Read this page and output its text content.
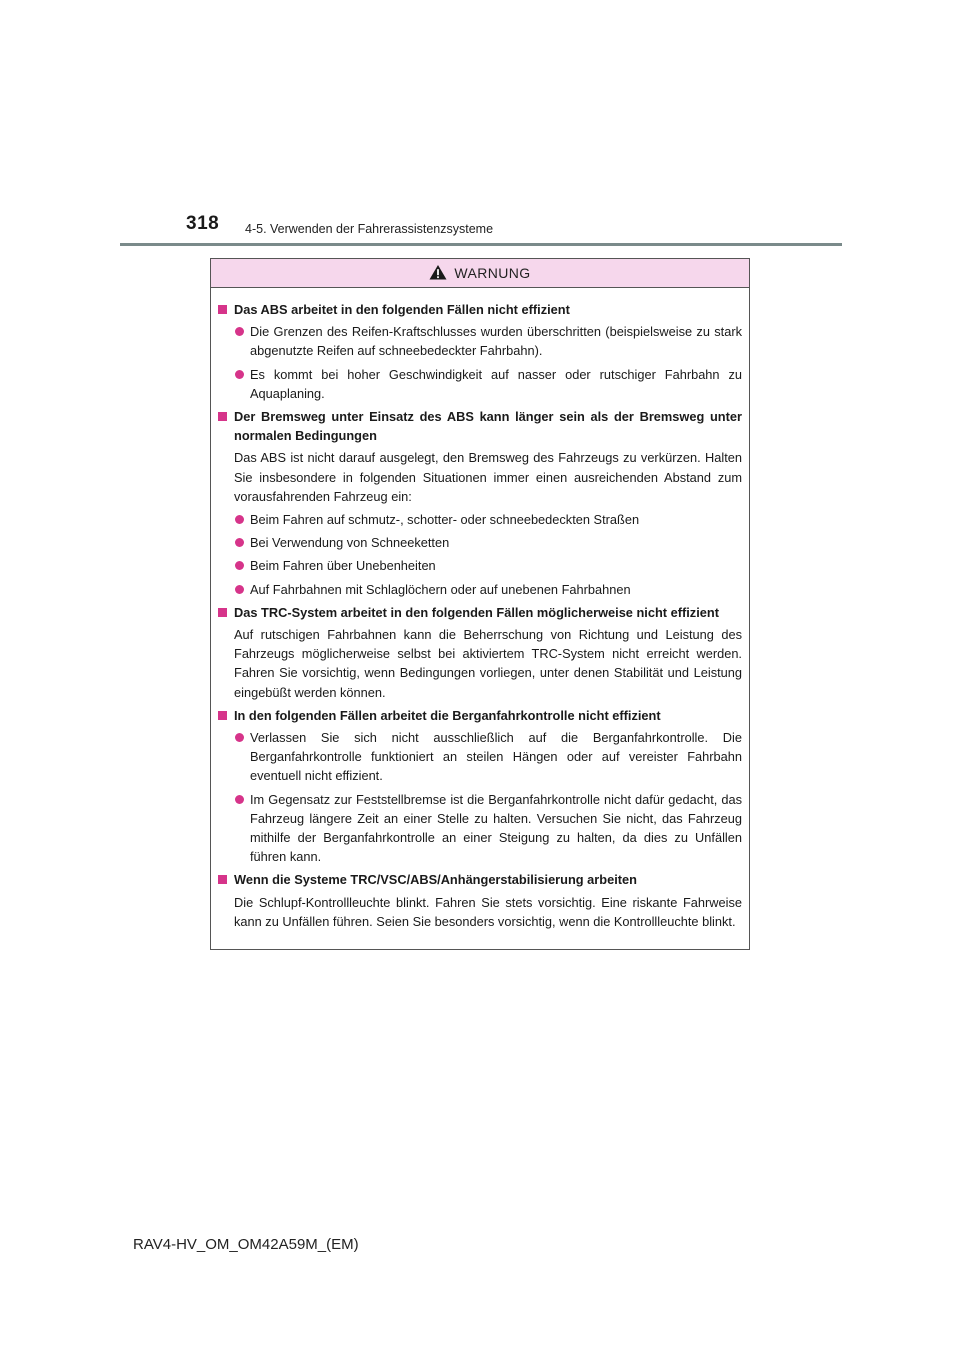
318 4-5. Verwenden der Fahrerassistenzsysteme
WARNUNG
Das ABS arbeitet in den folgenden Fällen nicht effizient
Die Grenzen des Reifen-Kraftschlusses wurden überschritten (beispielsweise zu stark abgenutzte Reifen auf schneebedeckter Fahrbahn).
Es kommt bei hoher Geschwindigkeit auf nasser oder rutschiger Fahrbahn zu Aquaplaning.
Der Bremsweg unter Einsatz des ABS kann länger sein als der Bremsweg unter normalen Bedingungen
Das ABS ist nicht darauf ausgelegt, den Bremsweg des Fahrzeugs zu verkürzen. Halten Sie insbesondere in folgenden Situationen immer einen ausreichenden Abstand zum vorausfahrenden Fahrzeug ein:
Beim Fahren auf schmutz-, schotter- oder schneebedeckten Straßen
Bei Verwendung von Schneeketten
Beim Fahren über Unebenheiten
Auf Fahrbahnen mit Schlaglöchern oder auf unebenen Fahrbahnen
Das TRC-System arbeitet in den folgenden Fällen möglicherweise nicht effizient
Auf rutschigen Fahrbahnen kann die Beherrschung von Richtung und Leistung des Fahrzeugs möglicherweise selbst bei aktiviertem TRC-System nicht erreicht werden. Fahren Sie vorsichtig, wenn Bedingungen vorliegen, unter denen Stabilität und Leistung eingebüßt werden können.
In den folgenden Fällen arbeitet die Berganfahrkontrolle nicht effizient
Verlassen Sie sich nicht ausschließlich auf die Berganfahrkontrolle. Die Berganfahrkontrolle funktioniert an steilen Hängen oder auf vereister Fahrbahn eventuell nicht effizient.
Im Gegensatz zur Feststellbremse ist die Berganfahrkontrolle nicht dafür gedacht, das Fahrzeug längere Zeit an einer Stelle zu halten. Versuchen Sie nicht, das Fahrzeug mithilfe der Berganfahrkontrolle an einer Steigung zu halten, da dies zu Unfällen führen kann.
Wenn die Systeme TRC/VSC/ABS/Anhängerstabilisierung arbeiten
Die Schlupf-Kontrollleuchte blinkt. Fahren Sie stets vorsichtig. Eine riskante Fahrweise kann zu Unfällen führen. Seien Sie besonders vorsichtig, wenn die Kontrollleuchte blinkt.
RAV4-HV_OM_OM42A59M_(EM)
